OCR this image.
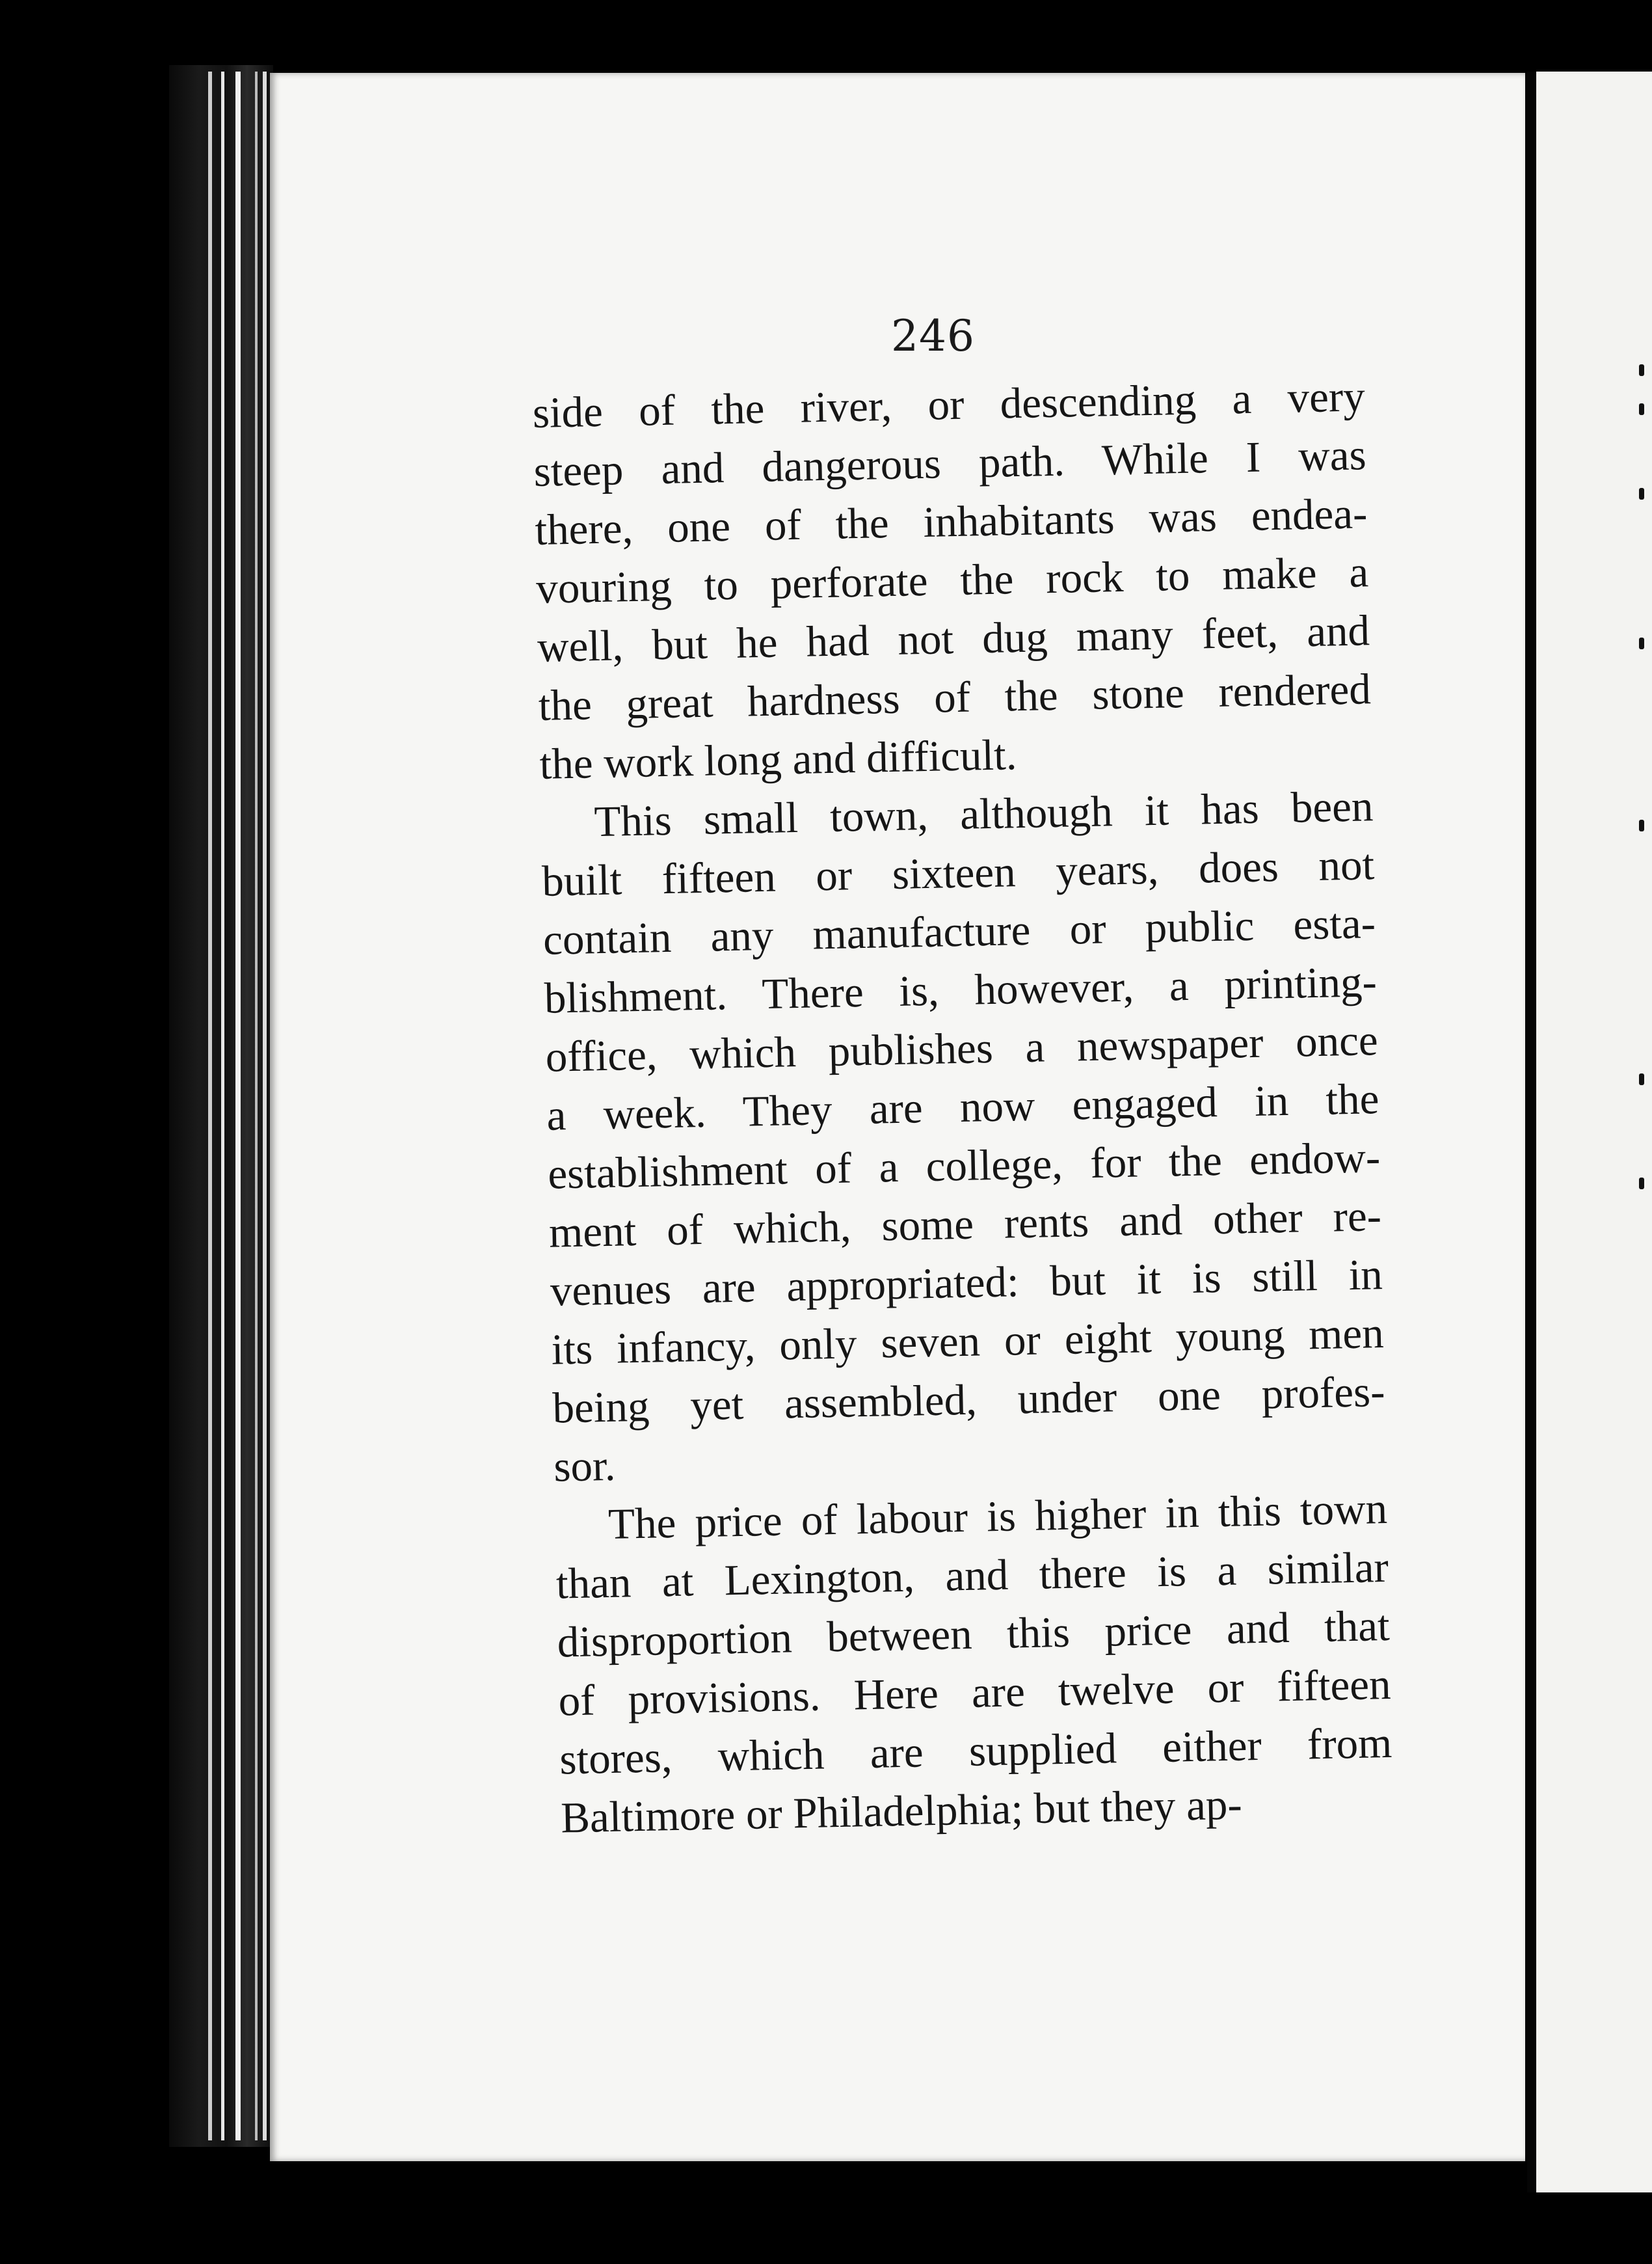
246
side of the river, or descending a very
steep and dangerous path. While I was
there, one of the inhabitants was endea-
vouring to perforate the rock to make a
well, but he had not dug many feet, and
the great hardness of the stone rendered
the work long and difficult.
This small town, although it has been
built fifteen or sixteen years, does not
contain any manufacture or public esta-
blishment. There is, however, a printing-
office, which publishes a newspaper once
a week. They are now engaged in the
establishment of a college, for the endow-
ment of which, some rents and other re-
venues are appropriated: but it is still in
its infancy, only seven or eight young men
being yet assembled, under one profes-
sor.
The price of labour is higher in this town
than at Lexington, and there is a similar
disproportion between this price and that
of provisions. Here are twelve or fifteen
stores, which are supplied either from
Baltimore or Philadelphia; but they ap-
